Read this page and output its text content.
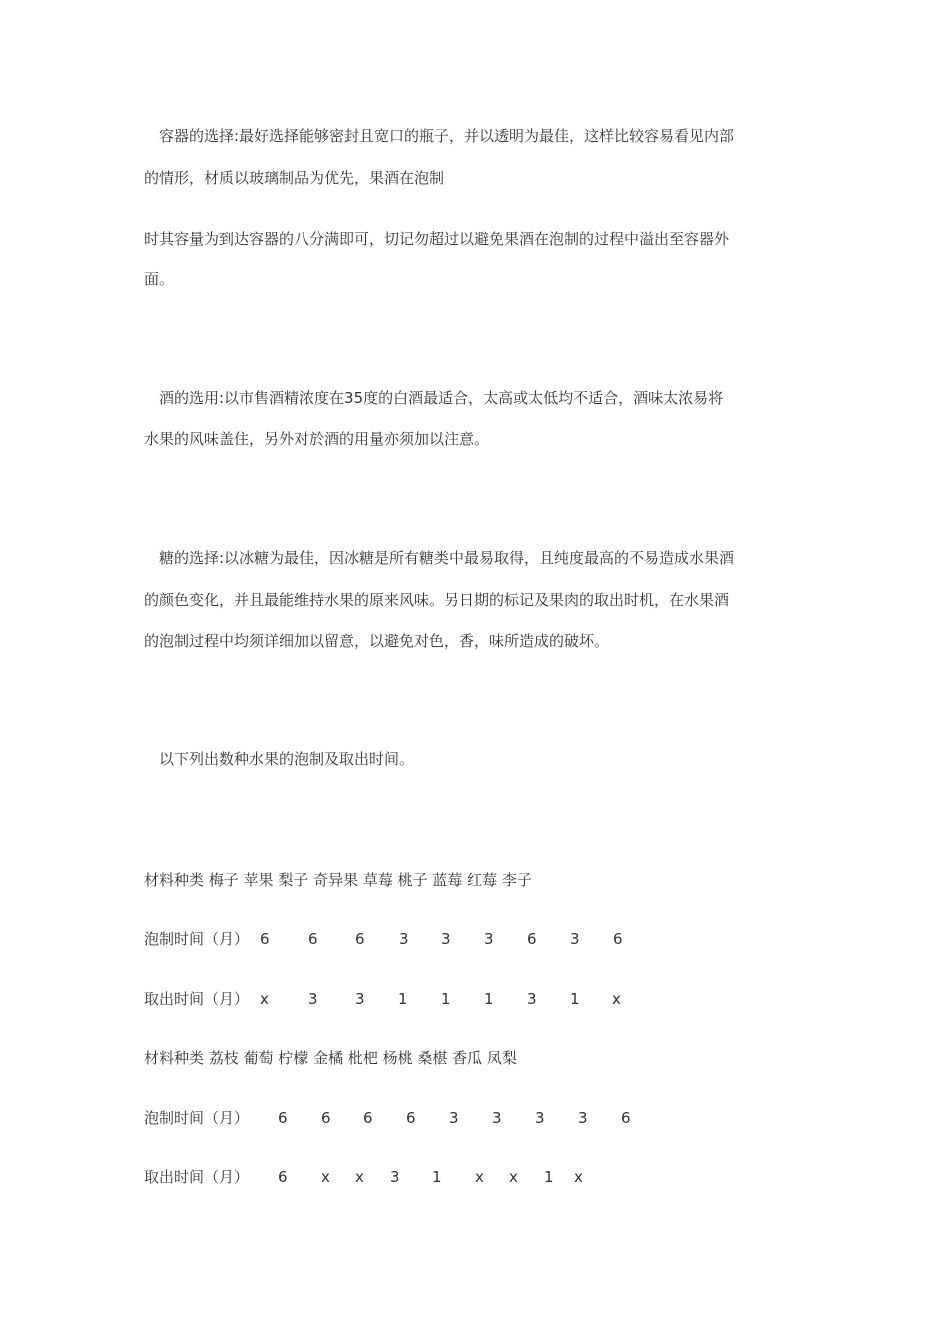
　容器的选择:最好选择能够密封且宽口的瓶子，并以透明为最佳，这样比较容易看见内部
的情形，材质以玻璃制品为优先，果酒在泡制
时其容量为到达容器的八分满即可，切记勿超过以避免果酒在泡制的过程中溢出至容器外
面。
　酒的选用:以市售酒精浓度在35度的白酒最适合，太高或太低均不适合，酒味太浓易将
水果的风味盖住，另外对於酒的用量亦须加以注意。
　糖的选择:以冰糖为最佳，因冰糖是所有糖类中最易取得，且纯度最高的不易造成水果酒
的颜色变化，并且最能维持水果的原来风味。另日期的标记及果肉的取出时机，在水果酒
的泡制过程中均须详细加以留意，以避免对色，香，味所造成的破坏。
　以下列出数种水果的泡制及取出时间。
材料种类 梅子 苹果 梨子 奇异果 草莓 桃子 蓝莓 红莓 李子
泡制时间（月） 6	6 6 3 3 3 6 3 6
取出时间（月） x	3 3 1 1 1 3 1 x
材料种类 荔枝 葡萄 柠檬 金橘 枇杷 杨桃 桑椹 香瓜 凤梨
泡制时间（月） 6 6 6 6 3 3 3 3 6
取出时间（月） 6 x x 3 1 x x 1 x
